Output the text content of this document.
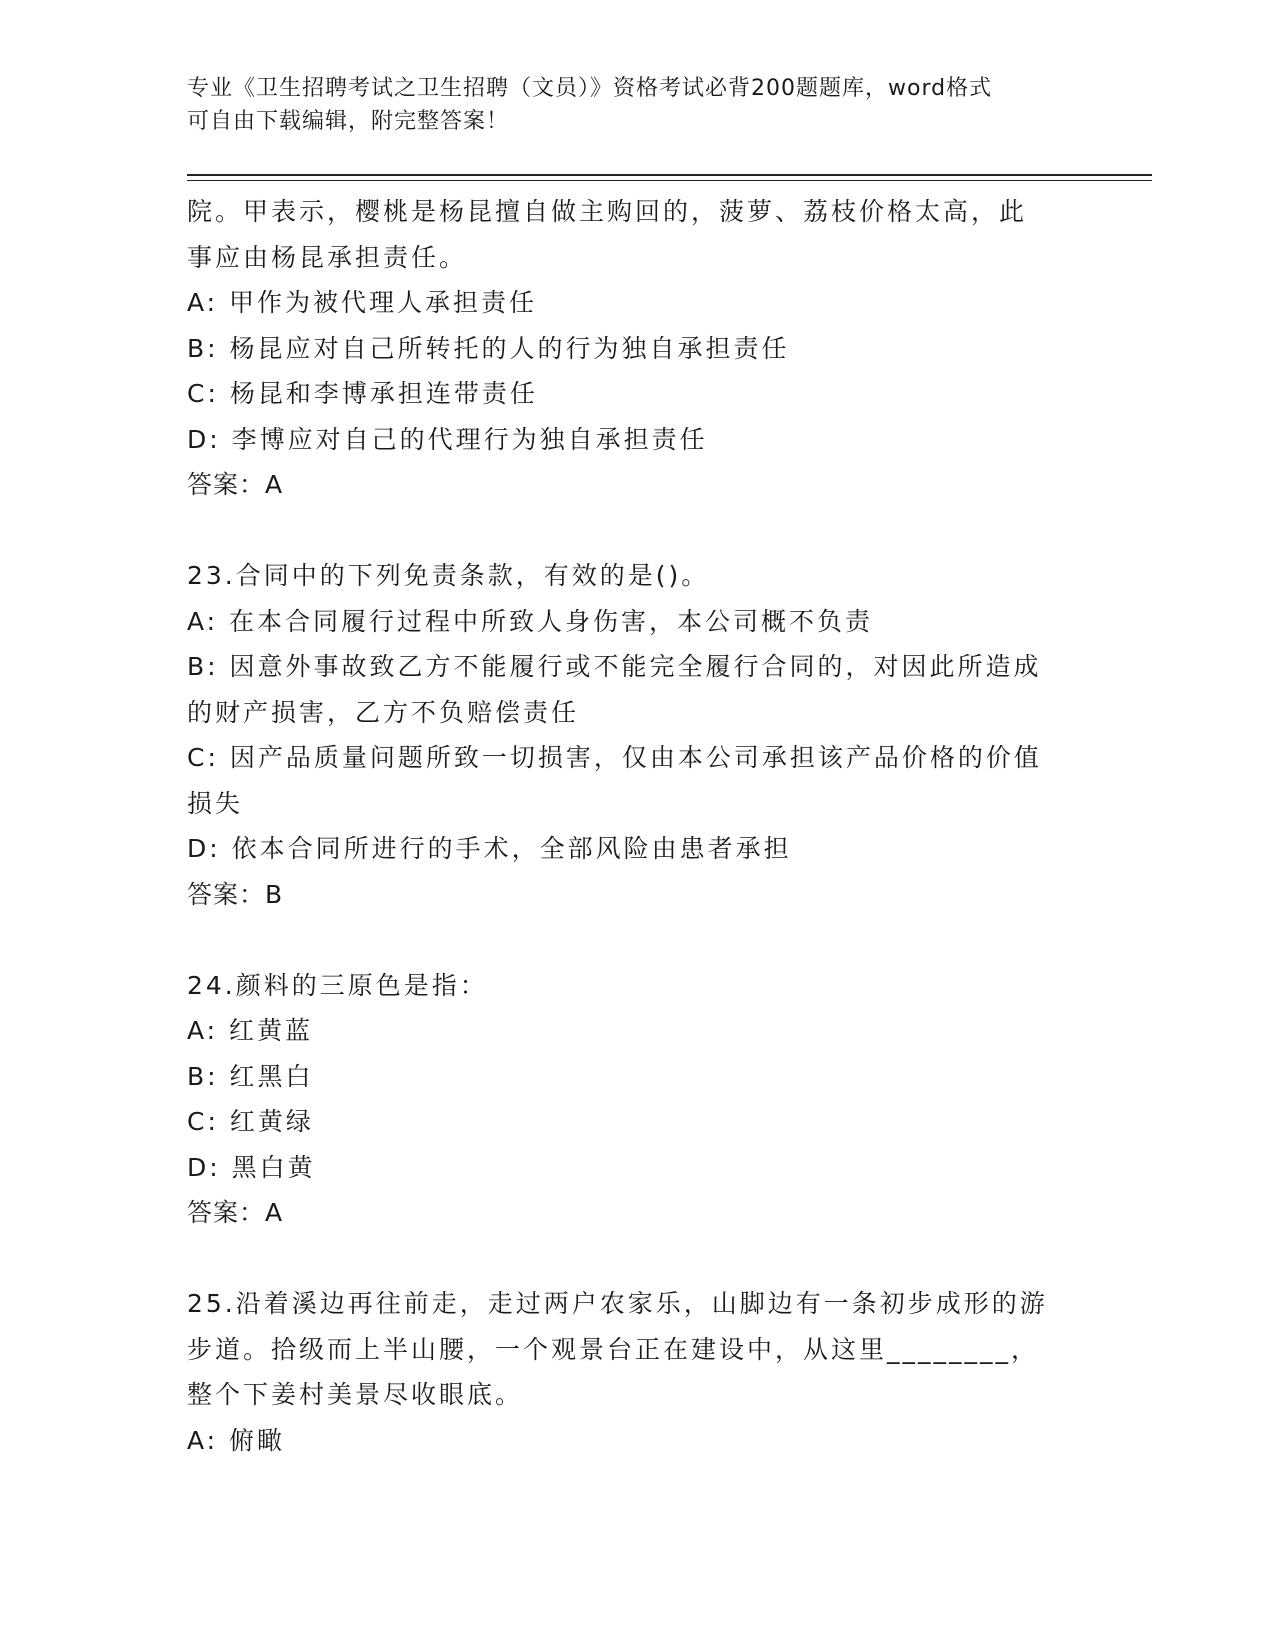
专业《卫生招聘考试之卫生招聘（文员）》资格考试必背200题题库，word格式
可自由下载编辑，附完整答案！
院。甲表示，樱桃是杨昆擅自做主购回的，菠萝、荔枝价格太高，此
事应由杨昆承担责任。
A: 甲作为被代理人承担责任
B: 杨昆应对自己所转托的人的行为独自承担责任
C: 杨昆和李博承担连带责任
D: 李博应对自己的代理行为独自承担责任
答案：A
23.合同中的下列免责条款，有效的是()。
A: 在本合同履行过程中所致人身伤害，本公司概不负责
B: 因意外事故致乙方不能履行或不能完全履行合同的，对因此所造成
的财产损害，乙方不负赔偿责任
C: 因产品质量问题所致一切损害，仅由本公司承担该产品价格的价值
损失
D: 依本合同所进行的手术，全部风险由患者承担
答案：B
24.颜料的三原色是指：
A: 红黄蓝
B: 红黑白
C: 红黄绿
D: 黑白黄
答案：A
25.沿着溪边再往前走，走过两户农家乐，山脚边有一条初步成形的游
步道。拾级而上半山腰，一个观景台正在建设中，从这里________，
整个下姜村美景尽收眼底。
A: 俯瞰
